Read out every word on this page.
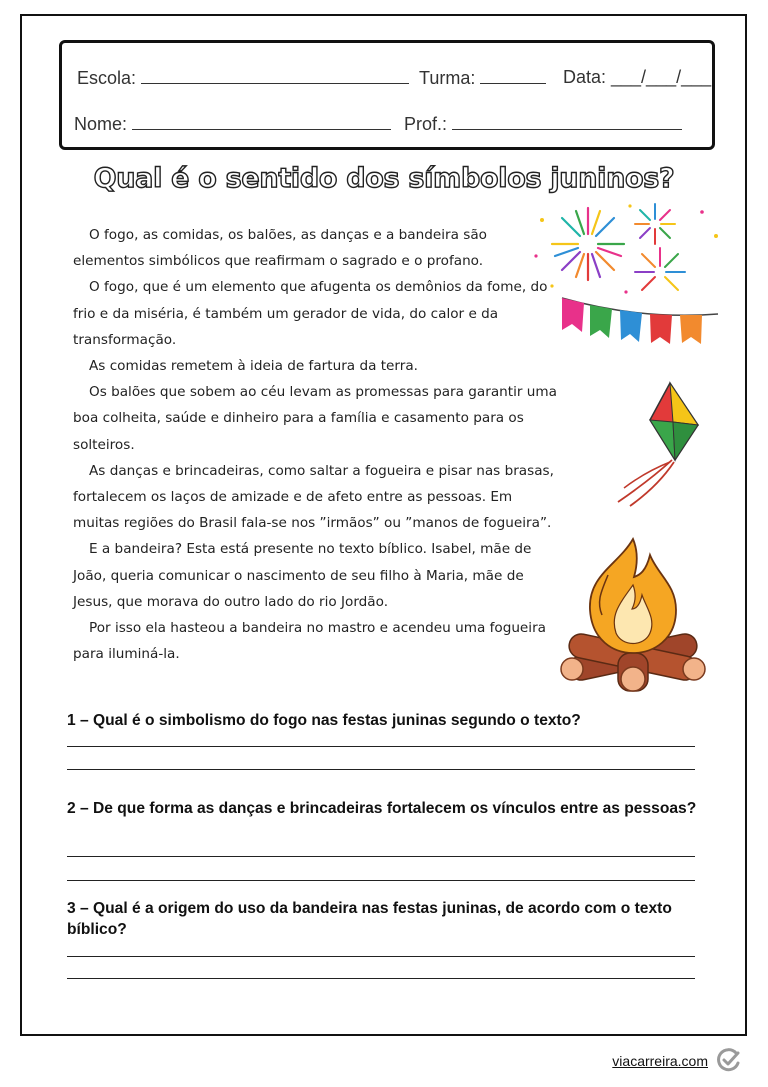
Escola:	Turma:	Data: ___/___/___
Nome:	Prof.:
Qual é o sentido dos símbolos juninos?

O fogo, as comidas, os balões, as danças e a bandeira são elementos simbólicos que reafirmam o sagrado e o profano.

O fogo, que é um elemento que afugenta os demônios da fome, do frio e da miséria, é também um gerador de vida, do calor e da transformação.

As comidas remetem à ideia de fartura da terra.

Os balões que sobem ao céu levam as promessas para garantir uma boa colheita, saúde e dinheiro para a família e casamento para os solteiros.

As danças e brincadeiras, como saltar a fogueira e pisar nas brasas, fortalecem os laços de amizade e de afeto entre as pessoas. Em muitas regiões do Brasil fala-se nos ”irmãos” ou ”manos de fogueira”.

E a bandeira? Esta está presente no texto bíblico. Isabel, mãe de João, queria comunicar o nascimento de seu filho à Maria, mãe de Jesus, que morava do outro lado do rio Jordão.

Por isso ela hasteou a bandeira no mastro e acendeu uma fogueira para iluminá-la.

1 – Qual é o simbolismo do fogo nas festas juninas segundo o texto?
2 – De que forma as danças e brincadeiras fortalecem os vínculos entre as pessoas?
3 – Qual é a origem do uso da bandeira nas festas juninas, de acordo com o texto bíblico?
viacarreira.com
